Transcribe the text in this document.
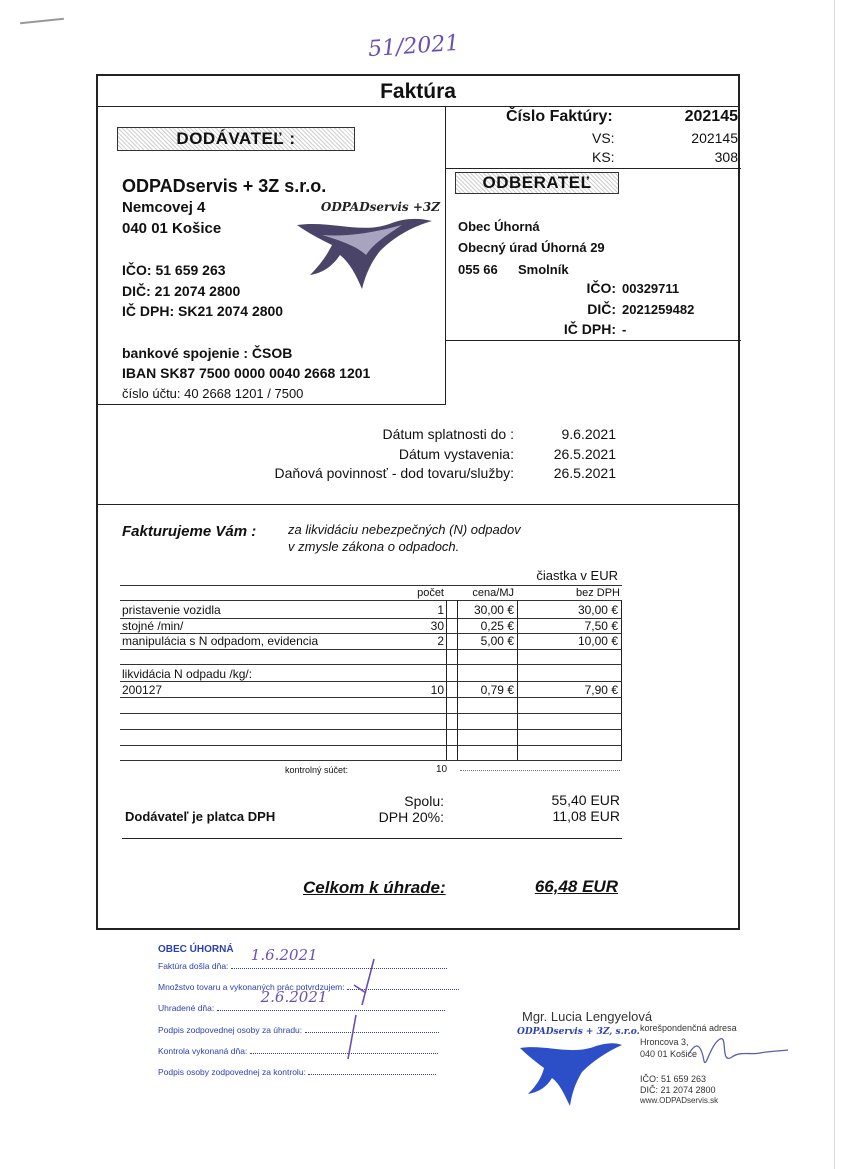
51/2021
Faktúra
Číslo Faktúry:	202145
VS:	202145
KS:	308
DODÁVATEĽ :
ODPADservis + 3Z s.r.o.
Nemcovej 4
040 01 Košice
IČO: 51 659 263
DIČ: 21 2074 2800
IČ DPH: SK21 2074 2800
bankové spojenie : ČSOB
IBAN SK87 7500 0000 0040 2668 1201
číslo účtu: 40 2668 1201 / 7500
ODPADservis +3Z
ODBERATEĽ
Obec Úhorná
Obecný úrad Úhorná 29
055 66 Smolník
IČO: 00329711
DIČ: 2021259482
IČ DPH: -
Dátum splatnosti do :	9.6.2021
Dátum vystavenia:	26.5.2021
Daňová povinnosť - dod tovaru/služby:	26.5.2021
Fakturujeme Vám : za likvidáciu nebezpečných (N) odpadov
v zmysle zákona o odpadoch.
čiastka v EUR
počet	cena/MJ	bez DPH
pristavenie vozidla	1	30,00 €	30,00 €
stojné /min/	30	0,25 €	7,50 €
manipulácia s N odpadom, evidencia	2	5,00 €	10,00 €
likvidácia N odpadu /kg/:
200127	10	0,79 €	7,90 €
kontrolný súčet:	10
Spolu:	55,40 EUR
Dodávateľ je platca DPH	DPH 20%:	11,08 EUR
Celkom k úhrade:	66,48 EUR
OBEC ÚHORNÁ
Faktúra došla dňa:
1.6.2021
Množstvo tovaru a vykonaných prác potvrdzujem:
Uhradené dňa:
2.6.2021
Podpis zodpovednej osoby za úhradu:
Kontrola vykonaná dňa:
Podpis osoby zodpovednej za kontrolu:
Mgr. Lucia Lengyelová
ODPADservis + 3Z, s.r.o. korešpondenčná adresa
Hroncova 3,
040 01 Košice
IČO: 51 659 263
DIČ: 21 2074 2800
www.ODPADservis.sk
